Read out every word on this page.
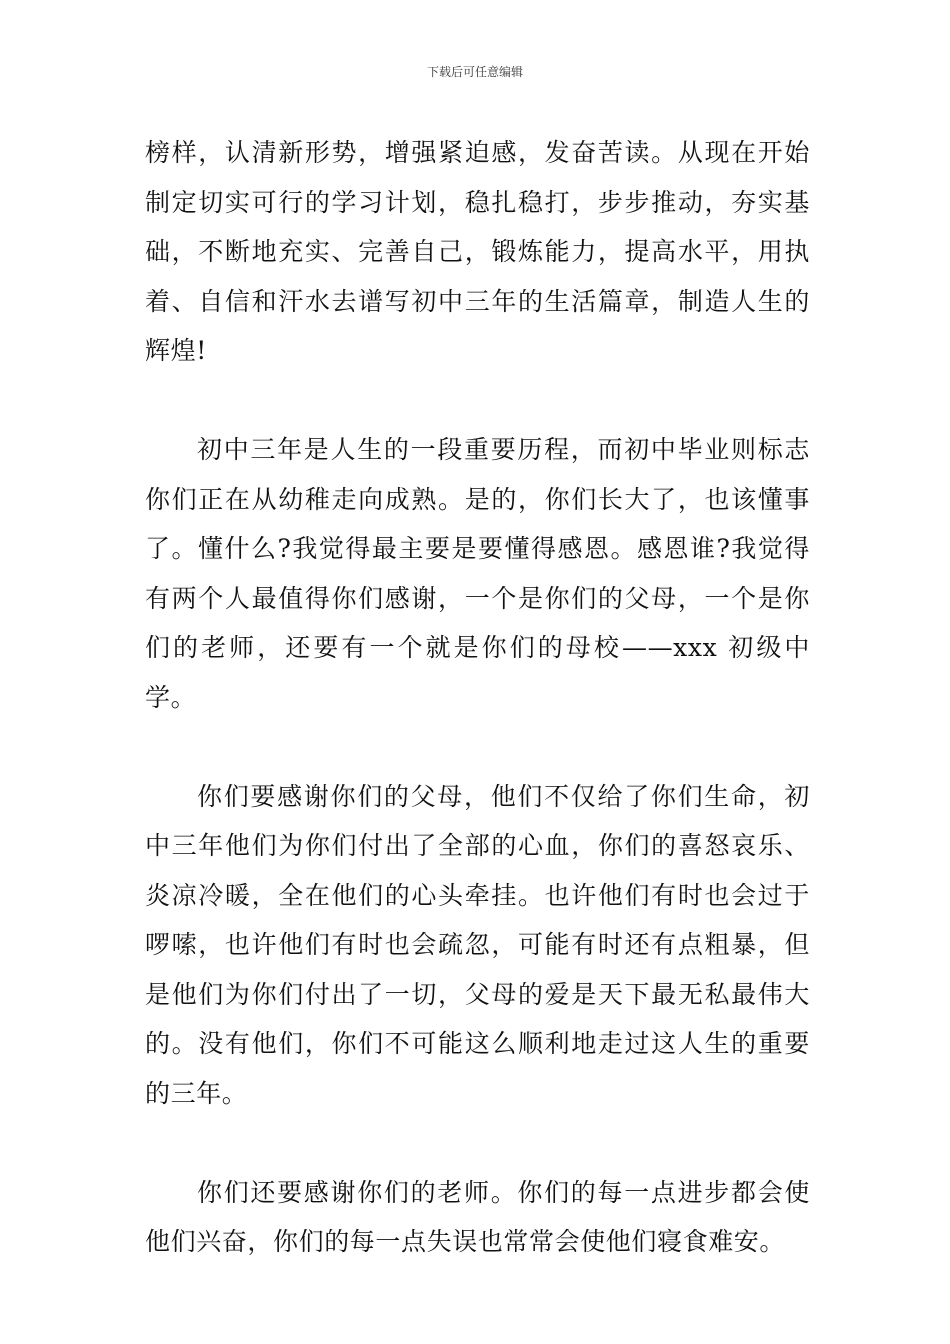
下载后可任意编辑

榜样，认清新形势，增强紧迫感，发奋苦读。从现在开始制定切实可行的学习计划，稳扎稳打，步步推动，夯实基础，不断地充实、完善自己，锻炼能力，提高水平，用执着、自信和汗水去谱写初中三年的生活篇章，制造人生的辉煌!

初中三年是人生的一段重要历程，而初中毕业则标志你们正在从幼稚走向成熟。是的，你们长大了，也该懂事了。懂什么?我觉得最主要是要懂得感恩。感恩谁?我觉得有两个人最值得你们感谢，一个是你们的父母，一个是你们的老师，还要有一个就是你们的母校——xxx 初级中学。

你们要感谢你们的父母，他们不仅给了你们生命，初中三年他们为你们付出了全部的心血，你们的喜怒哀乐、炎凉冷暖，全在他们的心头牵挂。也许他们有时也会过于啰嗦，也许他们有时也会疏忽，可能有时还有点粗暴，但是他们为你们付出了一切，父母的爱是天下最无私最伟大的。没有他们，你们不可能这么顺利地走过这人生的重要的三年。

你们还要感谢你们的老师。你们的每一点进步都会使他们兴奋，你们的每一点失误也常常会使他们寝食难安。
